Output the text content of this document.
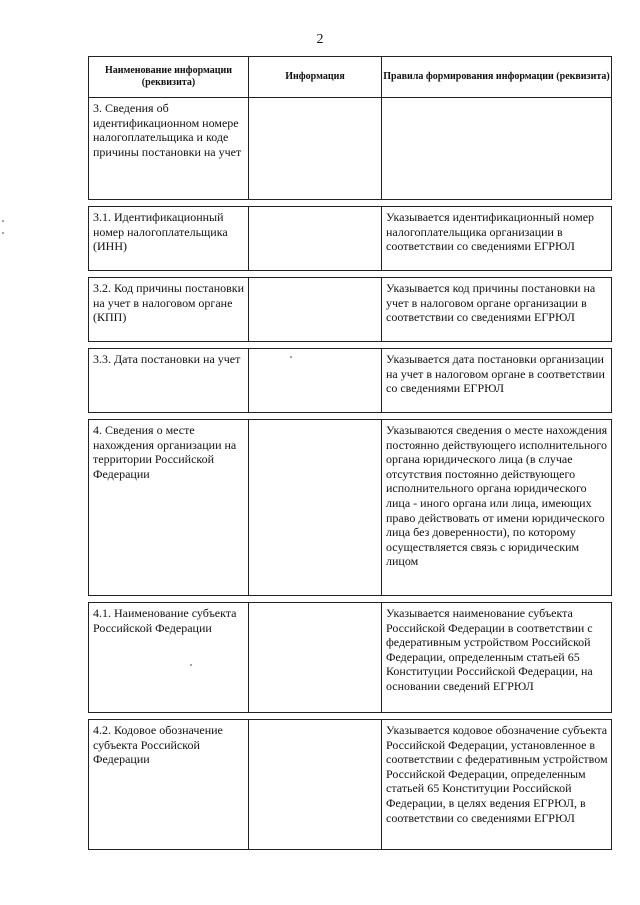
2
Наименование информации (реквизита)	Информация	Правила формирования информации (реквизита)

3. Сведения об идентификационном номере налогоплательщика и коде причины постановки на учет		

3.1. Идентификационный номер налогоплательщика (ИНН)		Указывается идентификационный номер налогоплательщика организации в соответствии со сведениями ЕГРЮЛ

3.2. Код причины постановки на учет в налоговом органе (КПП)		Указывается код причины постановки на учет в налоговом органе организации в соответствии со сведениями ЕГРЮЛ

3.3. Дата постановки на учет		Указывается дата постановки организации на учет в налоговом органе в соответствии со сведениями ЕГРЮЛ

4. Сведения о месте нахождения организации на территории Российской Федерации		Указываются сведения о месте нахождения постоянно действующего исполнительного органа юридического лица (в случае отсутствия постоянно действующего исполнительного органа юридического лица - иного органа или лица, имеющих право действовать от имени юридического лица без доверенности), по которому осуществляется связь с юридическим лицом

4.1. Наименование субъекта Российской Федерации		Указывается наименование субъекта Российской Федерации в соответствии с федеративным устройством Российской Федерации, определенным статьей 65 Конституции Российской Федерации, на основании сведений ЕГРЮЛ

4.2. Кодовое обозначение субъекта Российской Федерации		Указывается кодовое обозначение субъекта Российской Федерации, установленное в соответствии с федеративным устройством Российской Федерации, определенным статьей 65 Конституции Российской Федерации, в целях ведения ЕГРЮЛ, в соответствии со сведениями ЕГРЮЛ
